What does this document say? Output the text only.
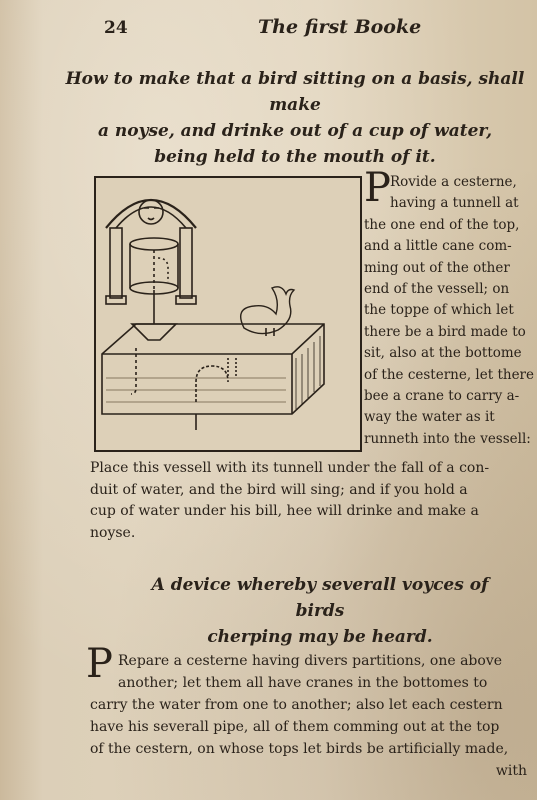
24	The first Booke
How to make that a bird sitting on a basis, shall make
a noyse, and drinke out of a cup of water,
being held to the mouth of it.
P Rovide a cesterne,
having a tunnell at
the one end of the top,
and a little cane com-
ming out of the other
end of the vessell; on
the toppe of which let
there be a bird made to
sit, also at the bottome
of the cesterne, let there
bee a crane to carry a-
way the water as it
runneth into the vessell:
Place this vessell with its tunnell under the fall of a con-
duit of water, and the bird will sing; and if you hold a
cup of water under his bill, hee will drinke and make a
noyse.
A device whereby severall voyces of birds
cherping may be heard.
P Repare a cesterne having divers partitions, one above
another; let them all have cranes in the bottomes to
carry the water from one to another; also let each cestern
have his severall pipe, all of them comming out at the top
of the cestern, on whose tops let birds be artificially made,
with
